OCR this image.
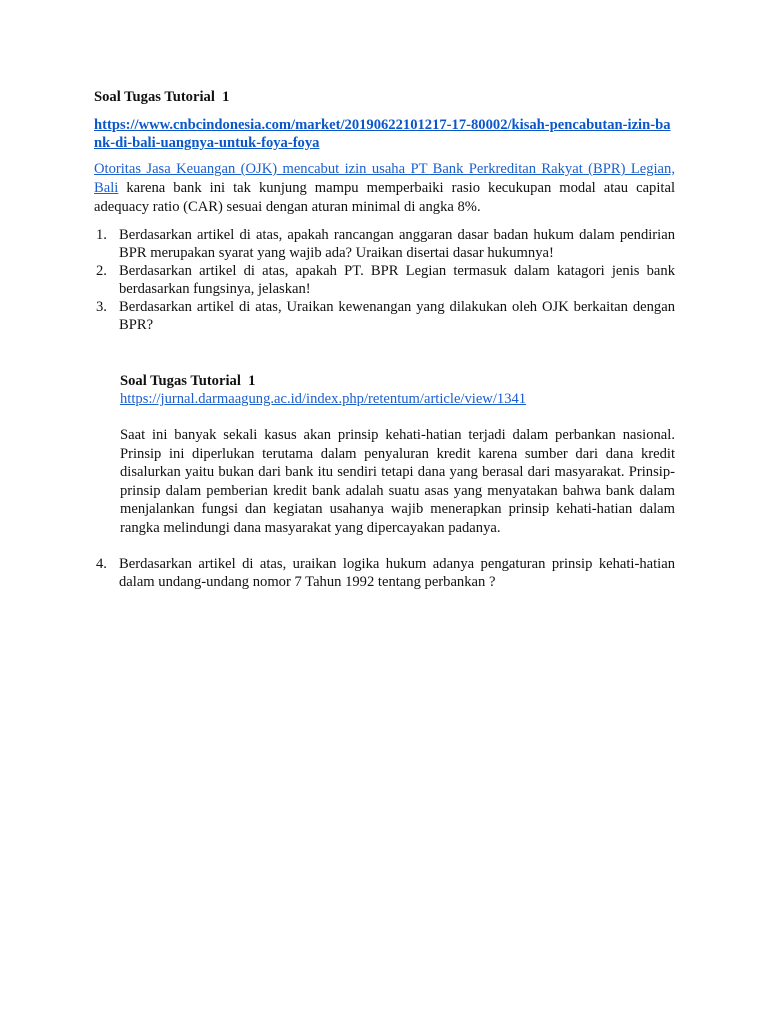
Soal Tugas Tutorial  1
https://www.cnbcindonesia.com/market/20190622101217-17-80002/kisah-pencabutan-izin-bank-di-bali-uangnya-untuk-foya-foya
Otoritas Jasa Keuangan (OJK) mencabut izin usaha PT Bank Perkreditan Rakyat (BPR) Legian, Bali karena bank ini tak kunjung mampu memperbaiki rasio kecukupan modal atau capital adequacy ratio (CAR) sesuai dengan aturan minimal di angka 8%.
1. Berdasarkan artikel di atas, apakah rancangan anggaran dasar badan hukum dalam pendirian BPR merupakan syarat yang wajib ada? Uraikan disertai dasar hukumnya!
2. Berdasarkan artikel di atas, apakah PT. BPR Legian termasuk dalam katagori jenis bank berdasarkan fungsinya, jelaskan!
3. Berdasarkan artikel di atas, Uraikan kewenangan yang dilakukan oleh OJK berkaitan dengan BPR?
Soal Tugas Tutorial  1
https://jurnal.darmaagung.ac.id/index.php/retentum/article/view/1341
Saat ini banyak sekali kasus akan prinsip kehati-hatian terjadi dalam perbankan nasional. Prinsip ini diperlukan terutama dalam penyaluran kredit karena sumber dari dana kredit disalurkan yaitu bukan dari bank itu sendiri tetapi dana yang berasal dari masyarakat. Prinsip-prinsip dalam pemberian kredit bank adalah suatu asas yang menyatakan bahwa bank dalam menjalankan fungsi dan kegiatan usahanya wajib menerapkan prinsip kehati-hatian dalam rangka melindungi dana masyarakat yang dipercayakan padanya.
4. Berdasarkan artikel di atas, uraikan logika hukum adanya pengaturan prinsip kehati-hatian dalam undang-undang nomor 7 Tahun 1992 tentang perbankan ?
